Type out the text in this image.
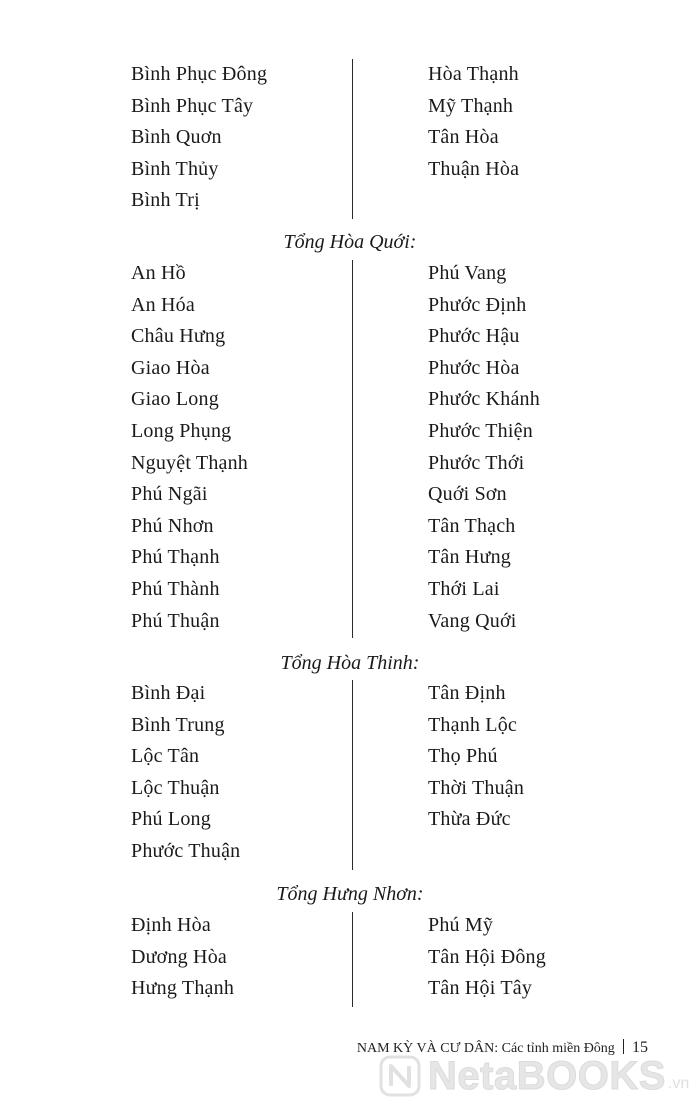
Bình Phục Đông
Bình Phục Tây
Bình Quơn
Bình Thủy
Bình Trị
Hòa Thạnh
Mỹ Thạnh
Tân Hòa
Thuận Hòa
Tổng Hòa Quới:
An Hồ
An Hóa
Châu Hưng
Giao Hòa
Giao Long
Long Phụng
Nguyệt Thạnh
Phú Ngãi
Phú Nhơn
Phú Thạnh
Phú Thành
Phú Thuận
Phú Vang
Phước Định
Phước Hậu
Phước Hòa
Phước Khánh
Phước Thiện
Phước Thới
Quới Sơn
Tân Thạch
Tân Hưng
Thới Lai
Vang Quới
Tổng Hòa Thinh:
Bình Đại
Bình Trung
Lộc Tân
Lộc Thuận
Phú Long
Phước Thuận
Tân Định
Thạnh Lộc
Thọ Phú
Thời Thuận
Thừa Đức
Tổng Hưng Nhơn:
Định Hòa
Dương Hòa
Hưng Thạnh
Phú Mỹ
Tân Hội Đông
Tân Hội Tây
NAM KỲ VÀ CƯ DÂN: Các tỉnh miền Đông 15
NetaBOOKS .vn
